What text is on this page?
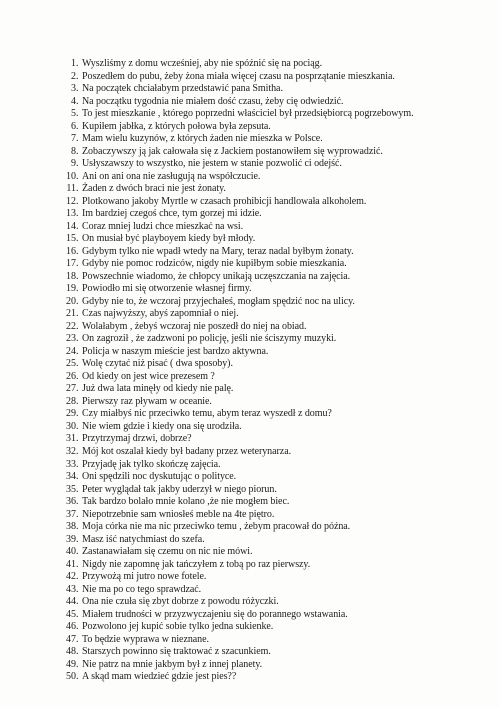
1 . Wyszliśmy z domu wcześniej, aby nie spóźnić się na pociąg.
2 . Poszedłem do pubu, żeby żona miała więcej czasu na posprzątanie mieszkania.
3 . Na początek chciałabym przedstawić pana Smitha.
4 . Na początku tygodnia nie miałem dość czasu, żeby cię odwiedzić.
5 . To jest mieszkanie , którego poprzedni właściciel był przedsiębiorcą pogrzebowym.
6 . Kupiłem jabłka, z których połowa była zepsuta.
7 . Mam wielu kuzynów, z których żaden nie mieszka w Polsce.
8 . Zobaczywszy ją jak całowała się z Jackiem postanowiłem się wyprowadzić.
9 . Usłyszawszy to wszystko, nie jestem w stanie pozwolić ci odejść.
10 . Ani on ani ona nie zasługują na współczucie.
11 . Żaden z dwóch braci nie jest żonaty.
12 . Plotkowano jakoby Myrtle w czasach prohibicji handlowała alkoholem.
13 . Im bardziej czegoś chce, tym gorzej mi idzie.
14 . Coraz mniej ludzi chce mieszkać na wsi.
15 . On musiał być playboyem kiedy był młody.
16 . Gdybym tylko nie wpadł wtedy na Mary, teraz nadal byłbym żonaty.
17 . Gdyby nie pomoc rodziców, nigdy nie kupiłbym sobie mieszkania.
18 . Powszechnie wiadomo, że chłopcy unikają uczęszczania na zajęcia.
19 . Powiodło mi się otworzenie własnej firmy.
20 . Gdyby nie to, że wczoraj przyjechałeś, mogłam spędzić noc na ulicy.
21 . Czas najwyższy, abyś zapomniał o niej.
22 . Wolałabym , żebyś wczoraj nie poszedł do niej na obiad.
23 . On zagroził , że zadzwoni po policję, jeśli nie ściszymy muzyki.
24 . Policja w naszym mieście jest bardzo aktywna.
25 . Wolę czytać niż pisać ( dwa sposoby).
26 . Od kiedy on jest wice prezesem ?
27 . Już dwa lata minęły od kiedy nie palę.
28 . Pierwszy raz pływam w oceanie.
29 . Czy miałbyś nic przeciwko temu, abym teraz wyszedł z domu?
30 . Nie wiem gdzie i kiedy ona się urodziła.
31 . Przytrzymaj drzwi, dobrze?
32 . Mój kot oszalał kiedy był badany przez weterynarza.
33 . Przyjadę jak tylko skończę zajęcia.
34 . Oni spędzili noc dyskutując o polityce.
35 . Peter wyglądał tak jakby uderzył w niego piorun.
36 . Tak bardzo bolało mnie kolano ,że nie mogłem biec.
37 . Niepotrzebnie sam wniosłeś meble na 4te piętro.
38 . Moja córka nie ma nic przeciwko temu , żebym pracował do późna.
39 . Masz iść natychmiast do szefa.
40 . Zastanawiałam się czemu on nic nie mówi.
41 . Nigdy nie zapomnę jak tańczyłem z tobą po raz pierwszy.
42 . Przywożą mi jutro nowe fotele.
43 . Nie ma po co tego sprawdzać.
44 . Ona nie czuła się zbyt dobrze z powodu różyczki.
45 . Miałem trudności w przyzwyczajeniu się do porannego wstawania.
46 . Pozwolono jej kupić sobie tylko jedna sukienke.
47 . To będzie wyprawa w nieznane.
48 . Starszych powinno się traktować z szacunkiem.
49 . Nie patrz na mnie jakbym był z innej planety.
50 . A skąd mam wiedzieć gdzie jest pies??
